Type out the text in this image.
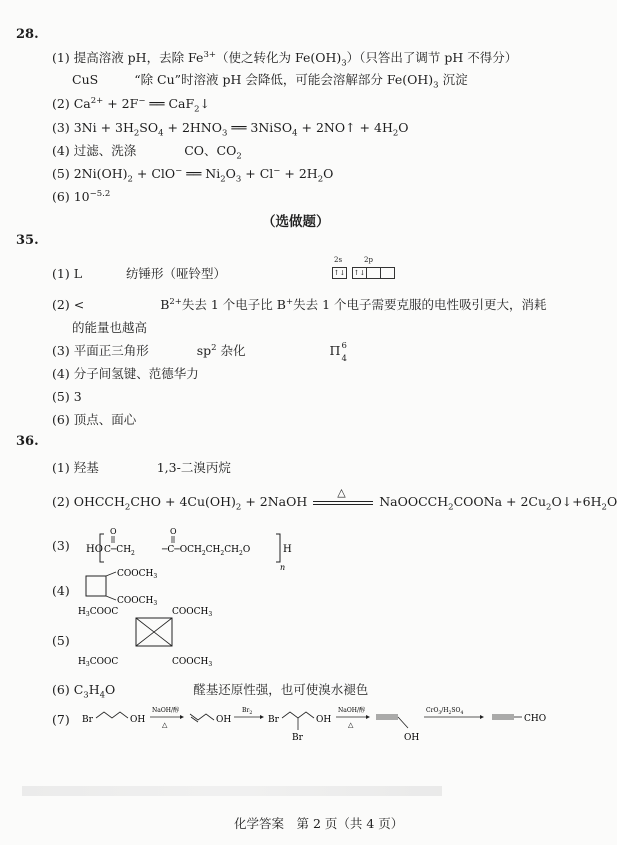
28.
(1) 提高溶液 pH，去除 $Fe^{3+}$（使之转化为 $Fe(OH)_3$）（只答出了调节 pH 不得分）
CuS	“除 Cu”时溶液 pH 会降低，可能会溶解部分 $Fe(OH)_3$ 沉淀
(2) $Ca^{2+} + 2F^-$ ══ CaF$_2$↓
(3) $3Ni + 3H_2SO_4 + 2HNO_3$ ══ 3NiSO$_4$ + 2NO↑ + $4H_2O$
(4) 过滤、洗涤	CO、$CO_2$
(5) $2Ni(OH)_2 + ClO^-$ ══ $Ni_2O_3 + Cl^- + 2H_2O$
(6) $10^{-5.2}$
（选做题）
35.
(1) L	纺锤形（哑铃型）
2s	2p
↑↓ ↑↓
(2) <	$B^{2+}$失去 1 个电子比 B+失去 1 个电子需要克服的电性吸引更大，消耗
的能量也越高
(3) 平面正三角形	$sp^2$ 杂化	Π 6
4
(4) 分子间氢键、范德华力
(5) 3
(6) 顶点、面心
36.
(1) 羟基	1,3-二溴丙烷
(2) $OHCCH_2CHO + 4Cu(OH)_2$ + 2NaOH
△
NaOOCCH$_2$COONa + $2Cu_2O↓+6H_2O$
(3) HO
O
$C─CH_2$
O
$─C─OCH_2CH_2CH_2O$	H
n
(4)
$COOCH_3$
$COOCH_3$
(5)
$H_3COOC$	$COOCH_3$
$H_3COOC$	$COOCH_3$
(6) $C_3H_4O$	醛基还原性强，也可使溴水褪色
(7) Br	OH
NaOH/醇
△	OH
$Br_2$
Br
Br
OH
NaOH/醇
△
OH
$CrO_3/H_2SO_4$
CHO
化学答案　第 2 页（共 4 页）
